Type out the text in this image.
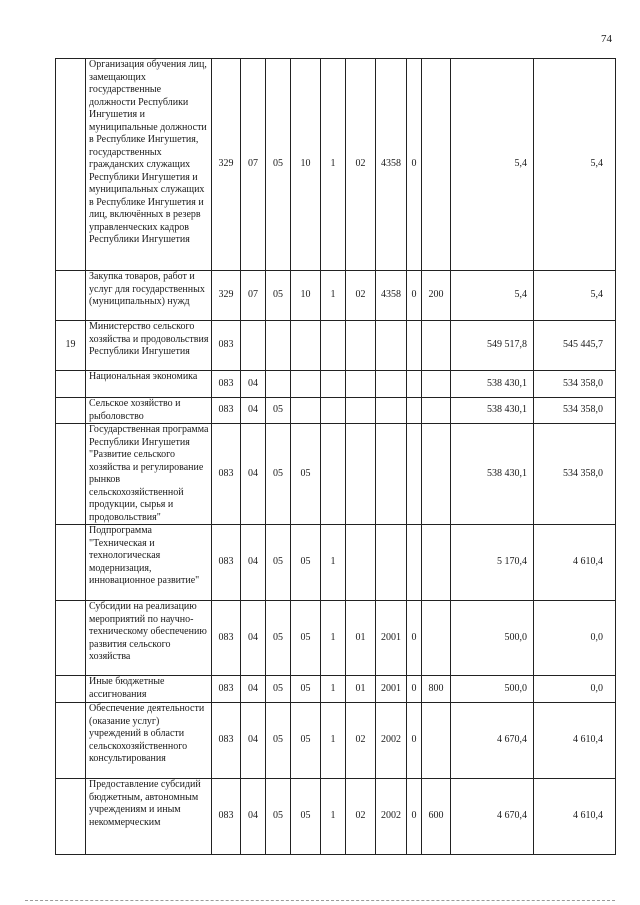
74
	Организация обучения лиц, замещающих государственные должности Республики Ингушетия и муниципальные должности в Республике Ингушетия, государственных гражданских служащих Республики Ингушетия и муниципальных служащих в Республике Ингушетия и лиц, включённых в резерв управленческих кадров Республики Ингушетия	329	07	05	10	1	02	4358	0		5,4	5,4
	Закупка товаров, работ и услуг для государственных (муниципальных) нужд	329	07	05	10	1	02	4358	0	200	5,4	5,4
19	Министерство сельского хозяйства и продовольствия Республики Ингушетия	083									549 517,8	545 445,7
	Национальная экономика	083	04								538 430,1	534 358,0
	Сельское хозяйство и рыболовство	083	04	05							538 430,1	534 358,0
	Государственная программа Республики Ингушетия "Развитие сельского хозяйства и регулирование рынков сельскохозяйственной продукции, сырья и продовольствия"	083	04	05	05						538 430,1	534 358,0
	Подпрограмма "Техническая и технологическая модернизация, инновационное развитие"	083	04	05	05	1					5 170,4	4 610,4
	Субсидии на реализацию мероприятий по научно-техническому обеспечению развития сельского хозяйства	083	04	05	05	1	01	2001	0		500,0	0,0
	Иные бюджетные ассигнования	083	04	05	05	1	01	2001	0	800	500,0	0,0
	Обеспечение деятельности (оказание услуг) учреждений в области сельскохозяйственного консультирования	083	04	05	05	1	02	2002	0		4 670,4	4 610,4
	Предоставление субсидий бюджетным, автономным учреждениям и иным некоммерческим	083	04	05	05	1	02	2002	0	600	4 670,4	4 610,4
